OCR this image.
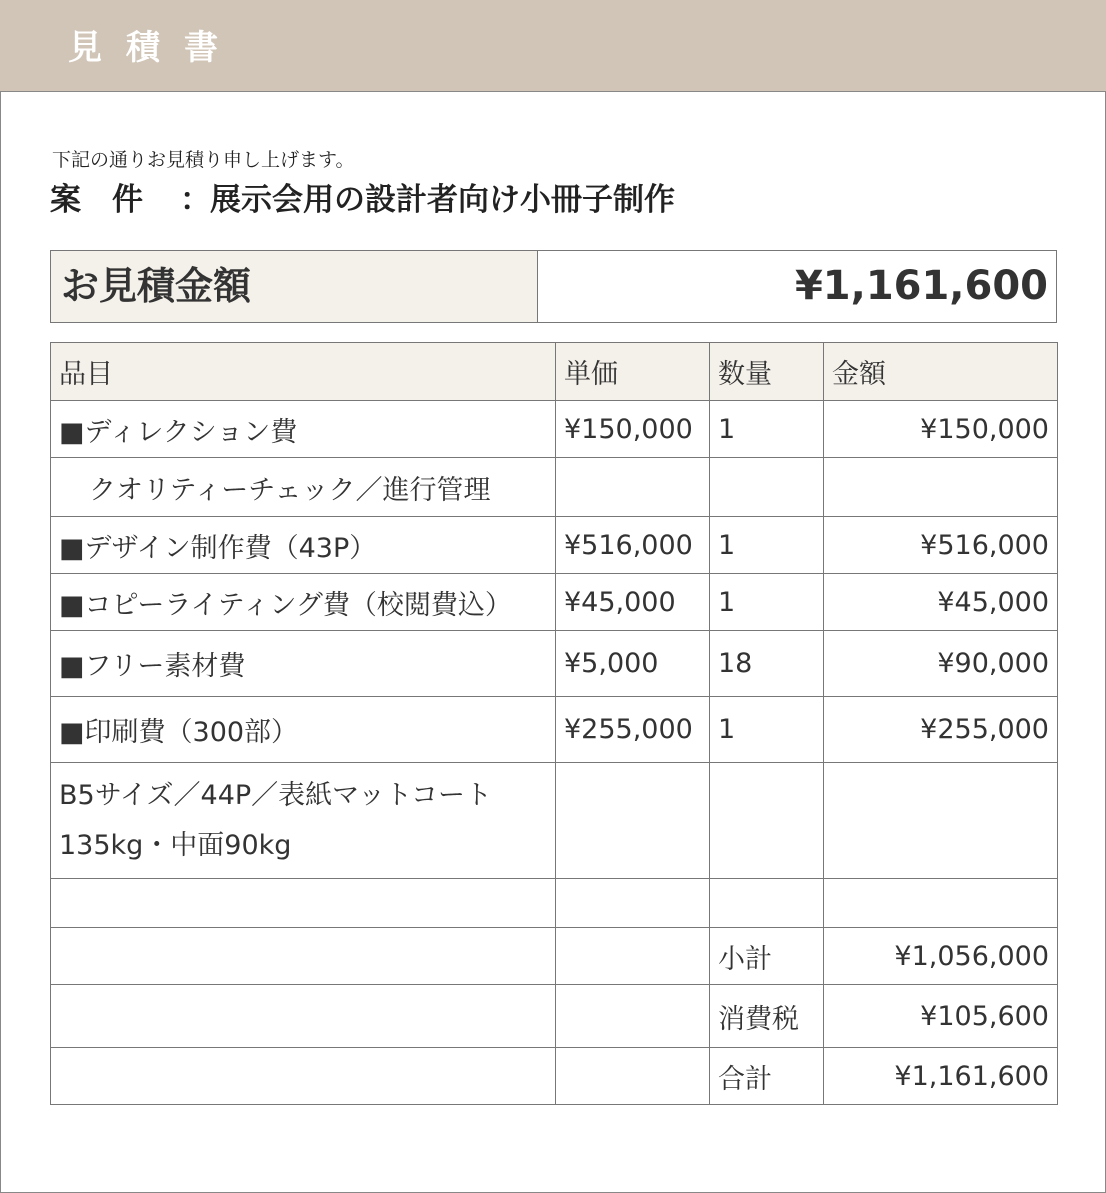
見積書
下記の通りお見積り申し上げます。
案　件 ：展示会用の設計者向け小冊子制作
お見積金額	¥1,161,600
品目	単価	数量	金額
■ディレクション費	¥150,000	1	¥150,000
クオリティーチェック／進行管理			
■デザイン制作費（43P）	¥516,000	1	¥516,000
■コピーライティング費（校閲費込）	¥45,000	1	¥45,000
■フリー素材費	¥5,000	18	¥90,000
■印刷費（300部）	¥255,000	1	¥255,000
B5サイズ／44P／表紙マットコート 135kg・中面90kg			

		小計	¥1,056,000
		消費税	¥105,600
		合計	¥1,161,600
